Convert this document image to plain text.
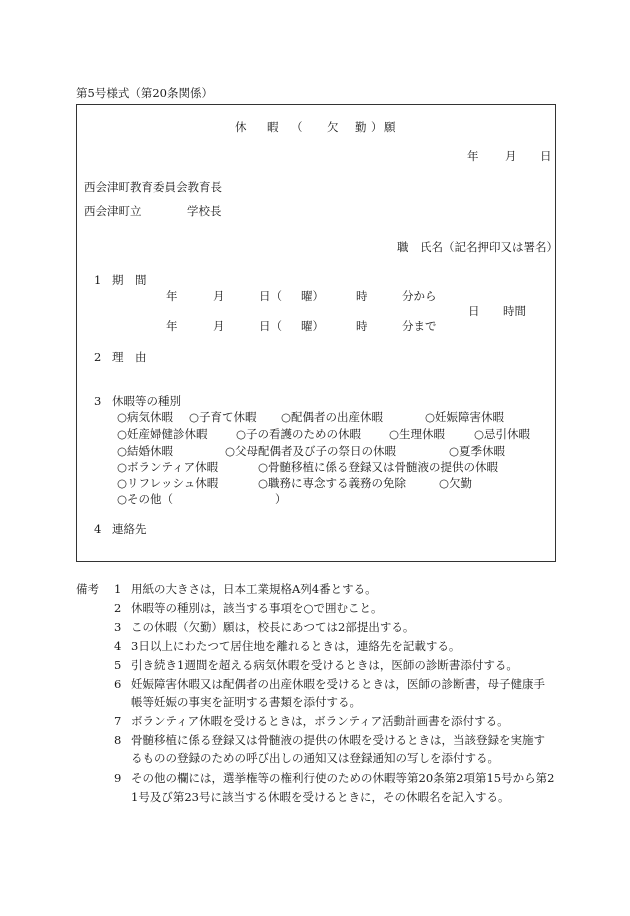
第5号様式（第20条関係）
休 暇 （ 欠 勤 ） 願
年 月 日
西会津町教育委員会教育長
西会津町立	学校長
職　氏名（記名押印又は署名）
1 期　間
年	月	日（ 曜）	時	分から
日 時間
年	月	日（ 曜）	時	分まで
2 理　由
3 休暇等の種別
○病気休暇 ○子育て休暇 ○配偶者の出産休暇	○妊娠障害休暇
○妊産婦健診休暇 ○子の看護のための休暇 ○生理休暇	○忌引休暇
○結婚休暇	○父母配偶者及び子の祭日の休暇	○夏季休暇
○ボランティア休暇	○骨髄移植に係る登録又は骨髄液の提供の休暇
○リフレッシュ休暇	○職務に専念する義務の免除	○欠勤
○その他（	）
4 連絡先
備考 1 用紙の大きさは，日本工業規格A列4番とする。
2 休暇等の種別は，該当する事項を○で囲むこと。
3 この休暇（欠勤）願は，校長にあつては2部提出する。
4 3日以上にわたつて居住地を離れるときは，連絡先を記載する。
5 引き続き1週間を超える病気休暇を受けるときは，医師の診断書添付する。
6 妊娠障害休暇又は配偶者の出産休暇を受けるときは，医師の診断書，母子健康手
帳等妊娠の事実を証明する書類を添付する。
7 ボランティア休暇を受けるときは，ボランティア活動計画書を添付する。
8 骨髄移植に係る登録又は骨髄液の提供の休暇を受けるときは，当該登録を実施す
るものの登録のための呼び出しの通知又は登録通知の写しを添付する。
9 その他の欄には，選挙権等の権利行使のための休暇等第20条第2項第15号から第2
1号及び第23号に該当する休暇を受けるときに，その休暇名を記入する。
